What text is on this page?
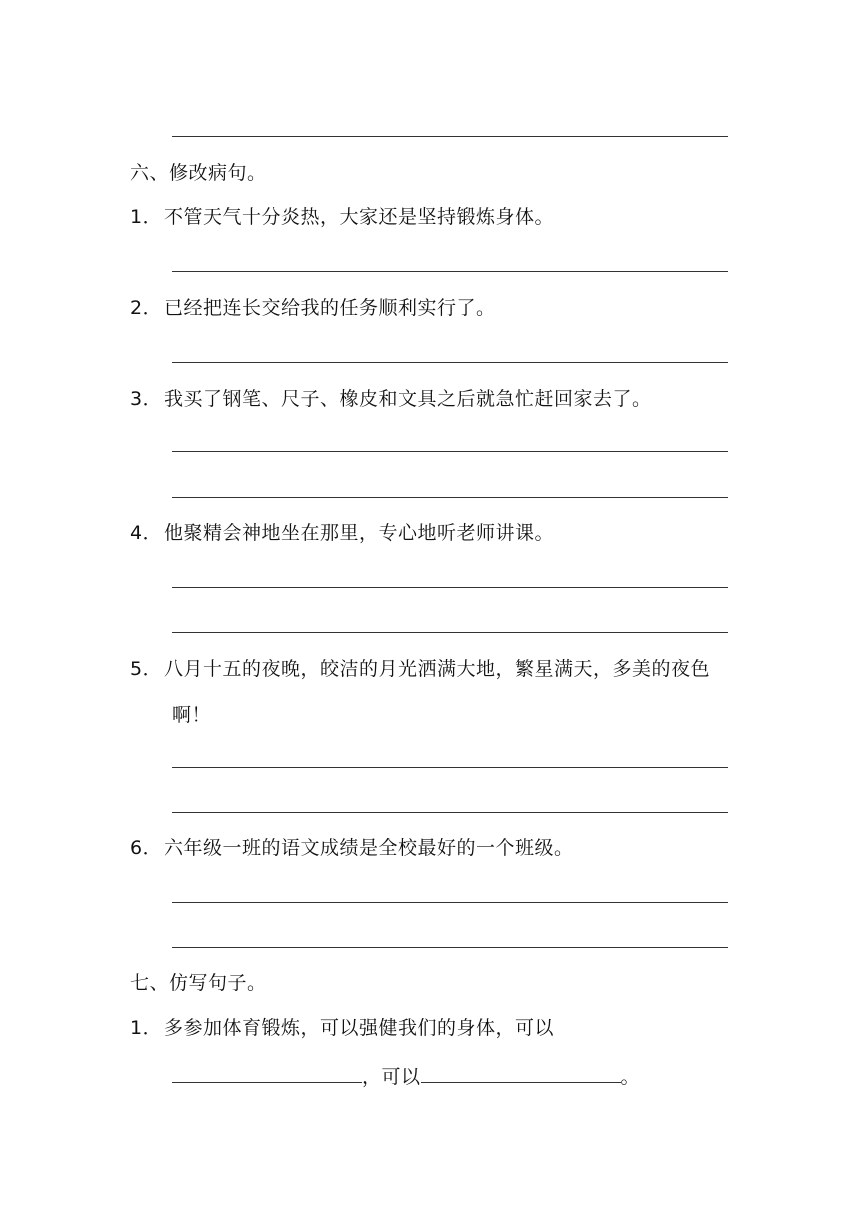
六、修改病句。
1． 不管天气十分炎热，大家还是坚持锻炼身体。
2． 已经把连长交给我的任务顺利实行了。
3． 我买了钢笔、尺子、橡皮和文具之后就急忙赶回家去了。
4． 他聚精会神地坐在那里，专心地听老师讲课。
5． 八月十五的夜晚，皎洁的月光洒满大地，繁星满天，多美的夜色
啊！
6． 六年级一班的语文成绩是全校最好的一个班级。
七、仿写句子。
1． 多参加体育锻炼，可以强健我们的身体，可以
，可以	。
